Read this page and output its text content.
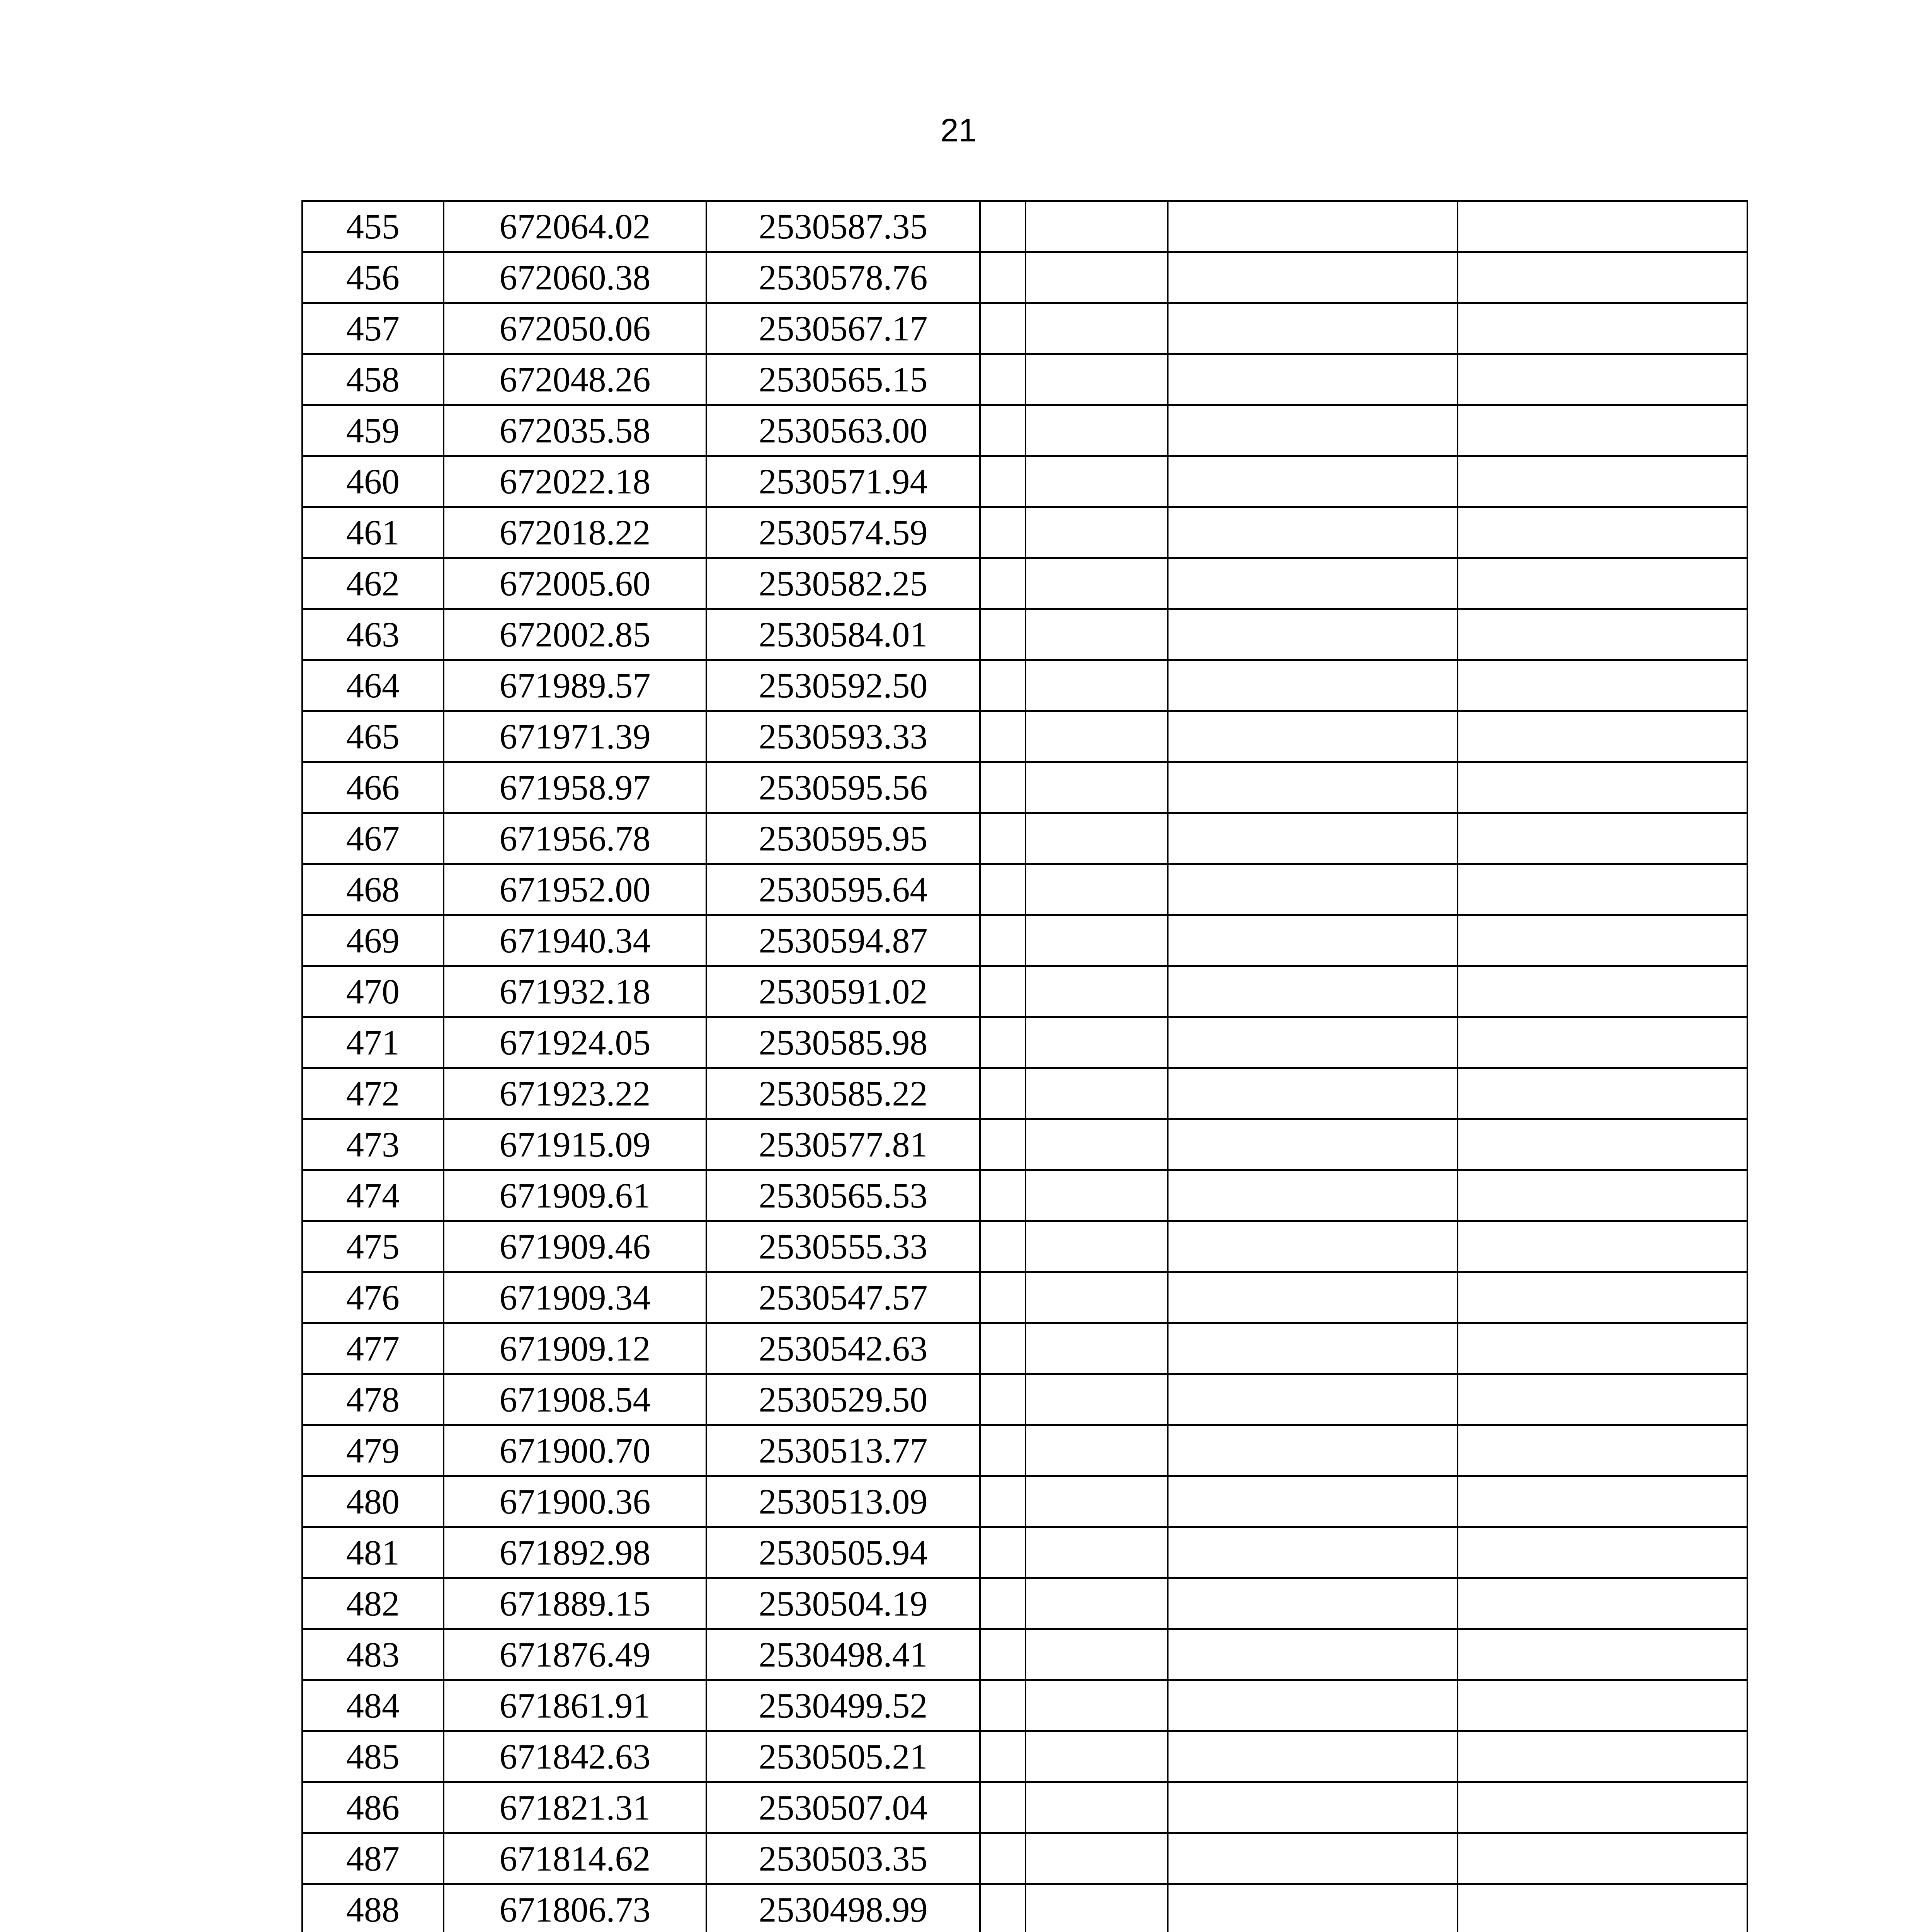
21
455	672064.02	2530587.35				
456	672060.38	2530578.76				
457	672050.06	2530567.17				
458	672048.26	2530565.15				
459	672035.58	2530563.00				
460	672022.18	2530571.94				
461	672018.22	2530574.59				
462	672005.60	2530582.25				
463	672002.85	2530584.01				
464	671989.57	2530592.50				
465	671971.39	2530593.33				
466	671958.97	2530595.56				
467	671956.78	2530595.95				
468	671952.00	2530595.64				
469	671940.34	2530594.87				
470	671932.18	2530591.02				
471	671924.05	2530585.98				
472	671923.22	2530585.22				
473	671915.09	2530577.81				
474	671909.61	2530565.53				
475	671909.46	2530555.33				
476	671909.34	2530547.57				
477	671909.12	2530542.63				
478	671908.54	2530529.50				
479	671900.70	2530513.77				
480	671900.36	2530513.09				
481	671892.98	2530505.94				
482	671889.15	2530504.19				
483	671876.49	2530498.41				
484	671861.91	2530499.52				
485	671842.63	2530505.21				
486	671821.31	2530507.04				
487	671814.62	2530503.35				
488	671806.73	2530498.99				
